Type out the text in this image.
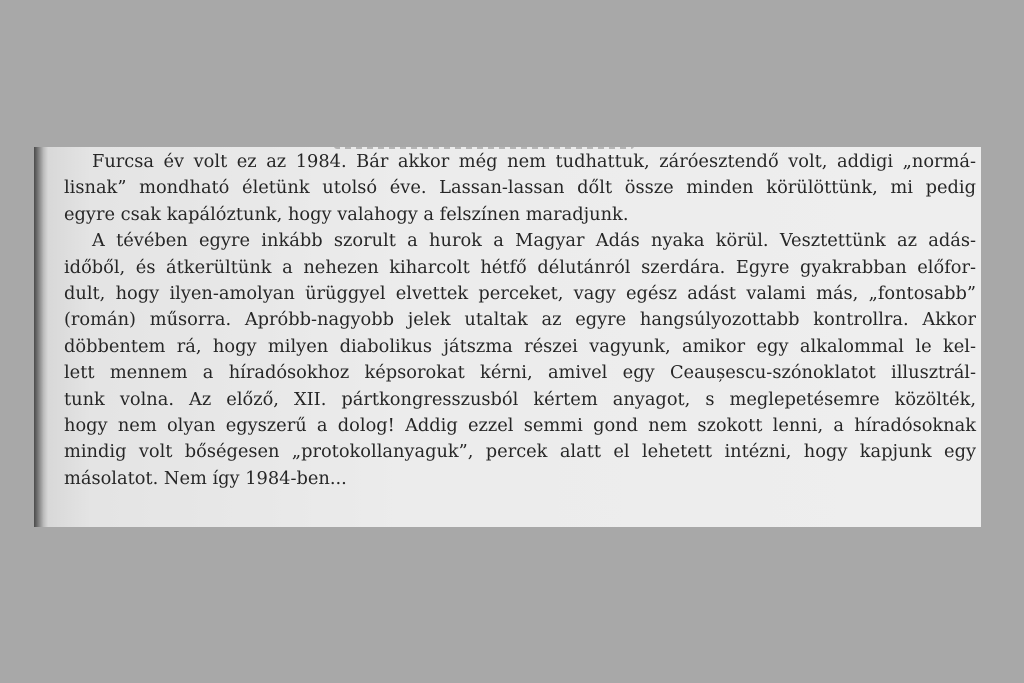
Furcsa év volt ez az 1984. Bár akkor még nem tudhattuk, záróesztendő volt, addigi „normá-
lisnak” mondható életünk utolsó éve. Lassan-lassan dőlt össze minden körülöttünk, mi pedig
egyre csak kapálóztunk, hogy valahogy a felszínen maradjunk.
A tévében egyre inkább szorult a hurok a Magyar Adás nyaka körül. Vesztettünk az adás-
időből, és átkerültünk a nehezen kiharcolt hétfő délutánról szerdára. Egyre gyakrabban előfor-
dult, hogy ilyen-amolyan ürüggyel elvettek perceket, vagy egész adást valami más, „fontosabb”
(román) műsorra. Apróbb-nagyobb jelek utaltak az egyre hangsúlyozottabb kontrollra. Akkor
döbbentem rá, hogy milyen diabolikus játszma részei vagyunk, amikor egy alkalommal le kel-
lett mennem a híradósokhoz képsorokat kérni, amivel egy Ceaușescu-szónoklatot illusztrál-
tunk volna. Az előző, XII. pártkongresszusból kértem anyagot, s meglepetésemre közölték,
hogy nem olyan egyszerű a dolog! Addig ezzel semmi gond nem szokott lenni, a híradósoknak
mindig volt bőségesen „protokollanyaguk”, percek alatt el lehetett intézni, hogy kapjunk egy
másolatot. Nem így 1984-ben...
